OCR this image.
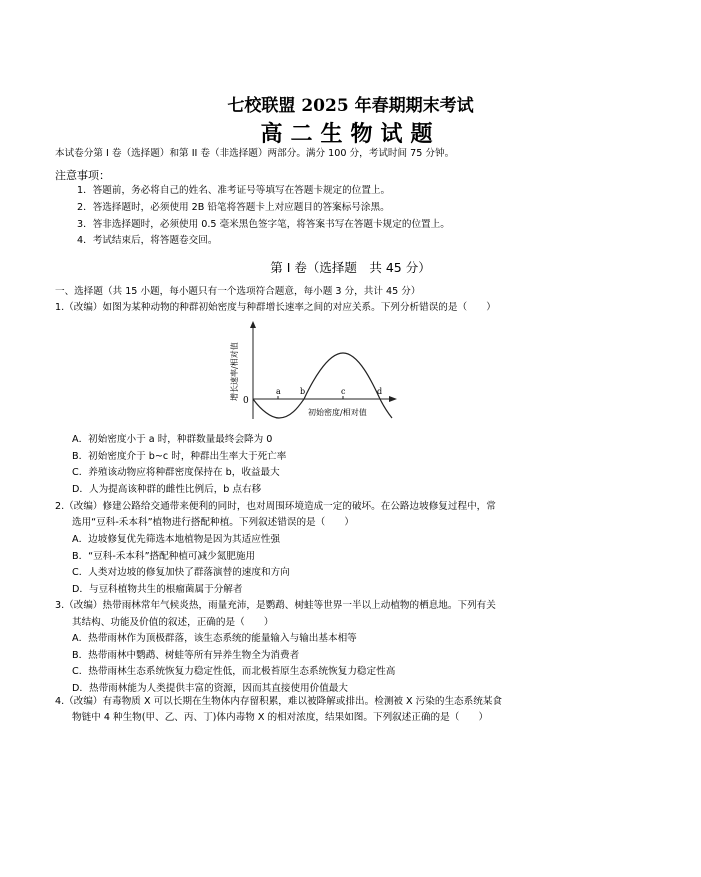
七校联盟 2025 年春期期末考试
高二生物试题
本试卷分第 I 卷（选择题）和第 II 卷（非选择题）两部分。满分 100 分，考试时间 75 分钟。
注意事项：
1．答题前，务必将自己的姓名、准考证号等填写在答题卡规定的位置上。
2．答选择题时，必须使用 2B 铅笔将答题卡上对应题目的答案标号涂黑。
3．答非选择题时，必须使用 0.5 毫米黑色签字笔，将答案书写在答题卡规定的位置上。
4．考试结束后，将答题卷交回。
第 I 卷（选择题　共 45 分）
一、选择题（共 15 小题，每小题只有一个选项符合题意，每小题 3 分，共计 45 分）
1.（改编）如图为某种动物的种群初始密度与种群增长速率之间的对应关系。下列分析错误的是（　　）
0
a b	c	d
初始密度/相对值
增长速率/相对值
A．初始密度小于 a 时，种群数量最终会降为 0
B．初始密度介于 b~c 时，种群出生率大于死亡率
C．养殖该动物应将种群密度保持在 b，收益最大
D．人为提高该种群的雌性比例后，b 点右移
2.（改编）修建公路给交通带来便利的同时，也对周围环境造成一定的破坏。在公路边坡修复过程中，常
选用“豆科-禾本科”植物进行搭配种植。下列叙述错误的是（　　）
A．边坡修复优先筛选本地植物是因为其适应性强
B．“豆科-禾本科”搭配种植可减少氮肥施用
C．人类对边坡的修复加快了群落演替的速度和方向
D．与豆科植物共生的根瘤菌属于分解者
3.（改编）热带雨林常年气候炎热，雨量充沛，是鹦鹉、树蛙等世界一半以上动植物的栖息地。下列有关
其结构、功能及价值的叙述，正确的是（　　）
A．热带雨林作为顶极群落，该生态系统的能量输入与输出基本相等
B．热带雨林中鹦鹉、树蛙等所有异养生物全为消费者
C．热带雨林生态系统恢复力稳定性低，而北极苔原生态系统恢复力稳定性高
D．热带雨林能为人类提供丰富的资源，因而其直接使用价值最大
4.（改编）有毒物质 X 可以长期在生物体内存留积累，难以被降解或排出。检测被 X 污染的生态系统某食
物链中 4 种生物(甲、乙、丙、丁)体内毒物 X 的相对浓度，结果如图。下列叙述正确的是（　　）
